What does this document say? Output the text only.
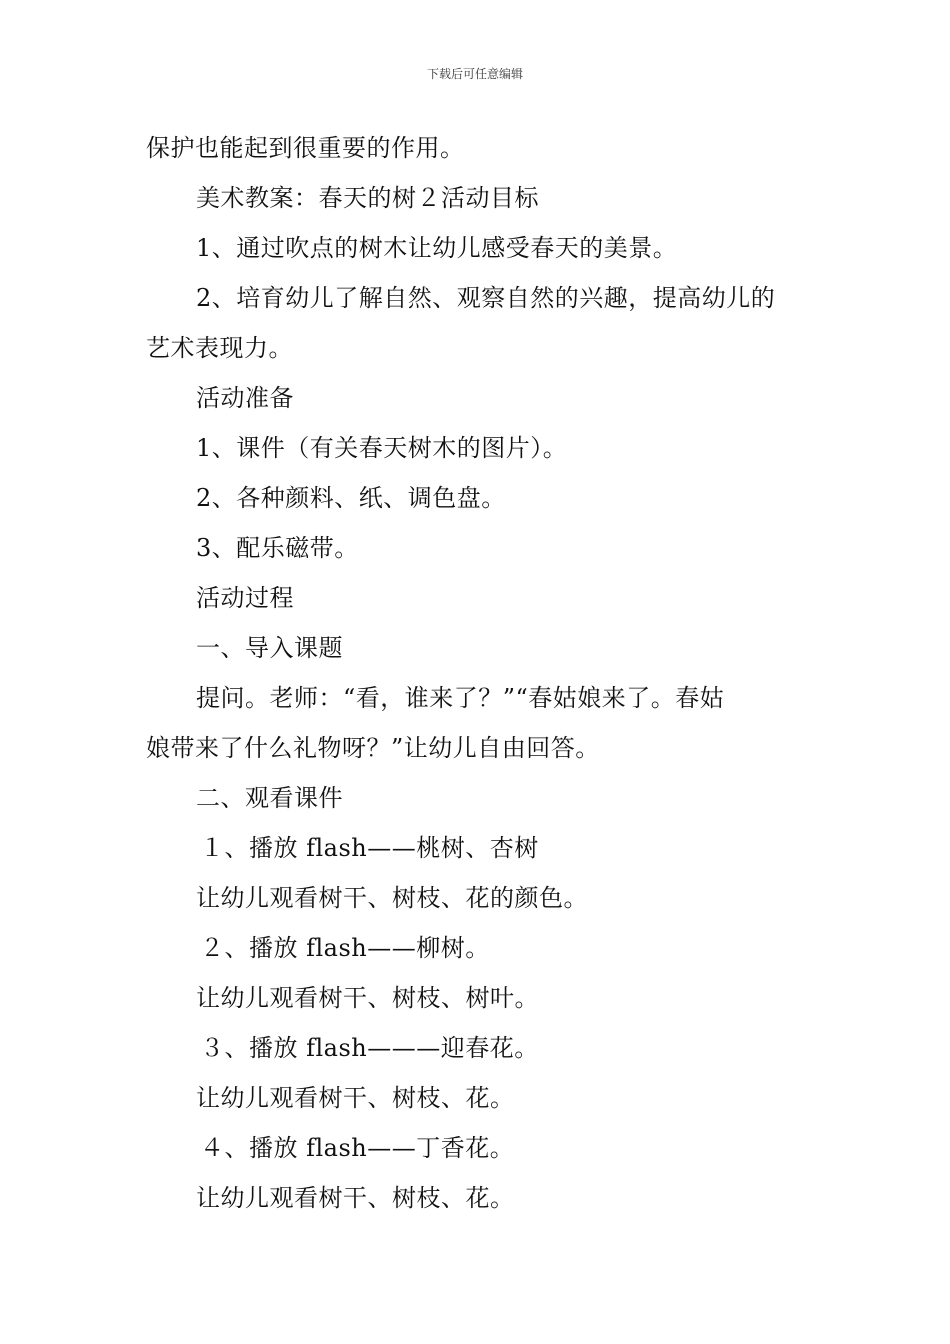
下载后可任意编辑
保护也能起到很重要的作用。
美术教案：春天的树２活动目标
1、通过吹点的树木让幼儿感受春天的美景。
2、培育幼儿了解自然、观察自然的兴趣，提高幼儿的
艺术表现力。
活动准备
1、课件（有关春天树木的图片）。
2、各种颜料、纸、调色盘。
3、配乐磁带。
活动过程
一、导入课题
提问。老师：“看，谁来了？”“春姑娘来了。春姑
娘带来了什么礼物呀？”让幼儿自由回答。
二、观看课件
１、播放 flash——桃树、杏树
让幼儿观看树干、树枝、花的颜色。
２、播放 flash——柳树。
让幼儿观看树干、树枝、树叶。
３、播放 flash———迎春花。
让幼儿观看树干、树枝、花。
４、播放 flash——丁香花。
让幼儿观看树干、树枝、花。
